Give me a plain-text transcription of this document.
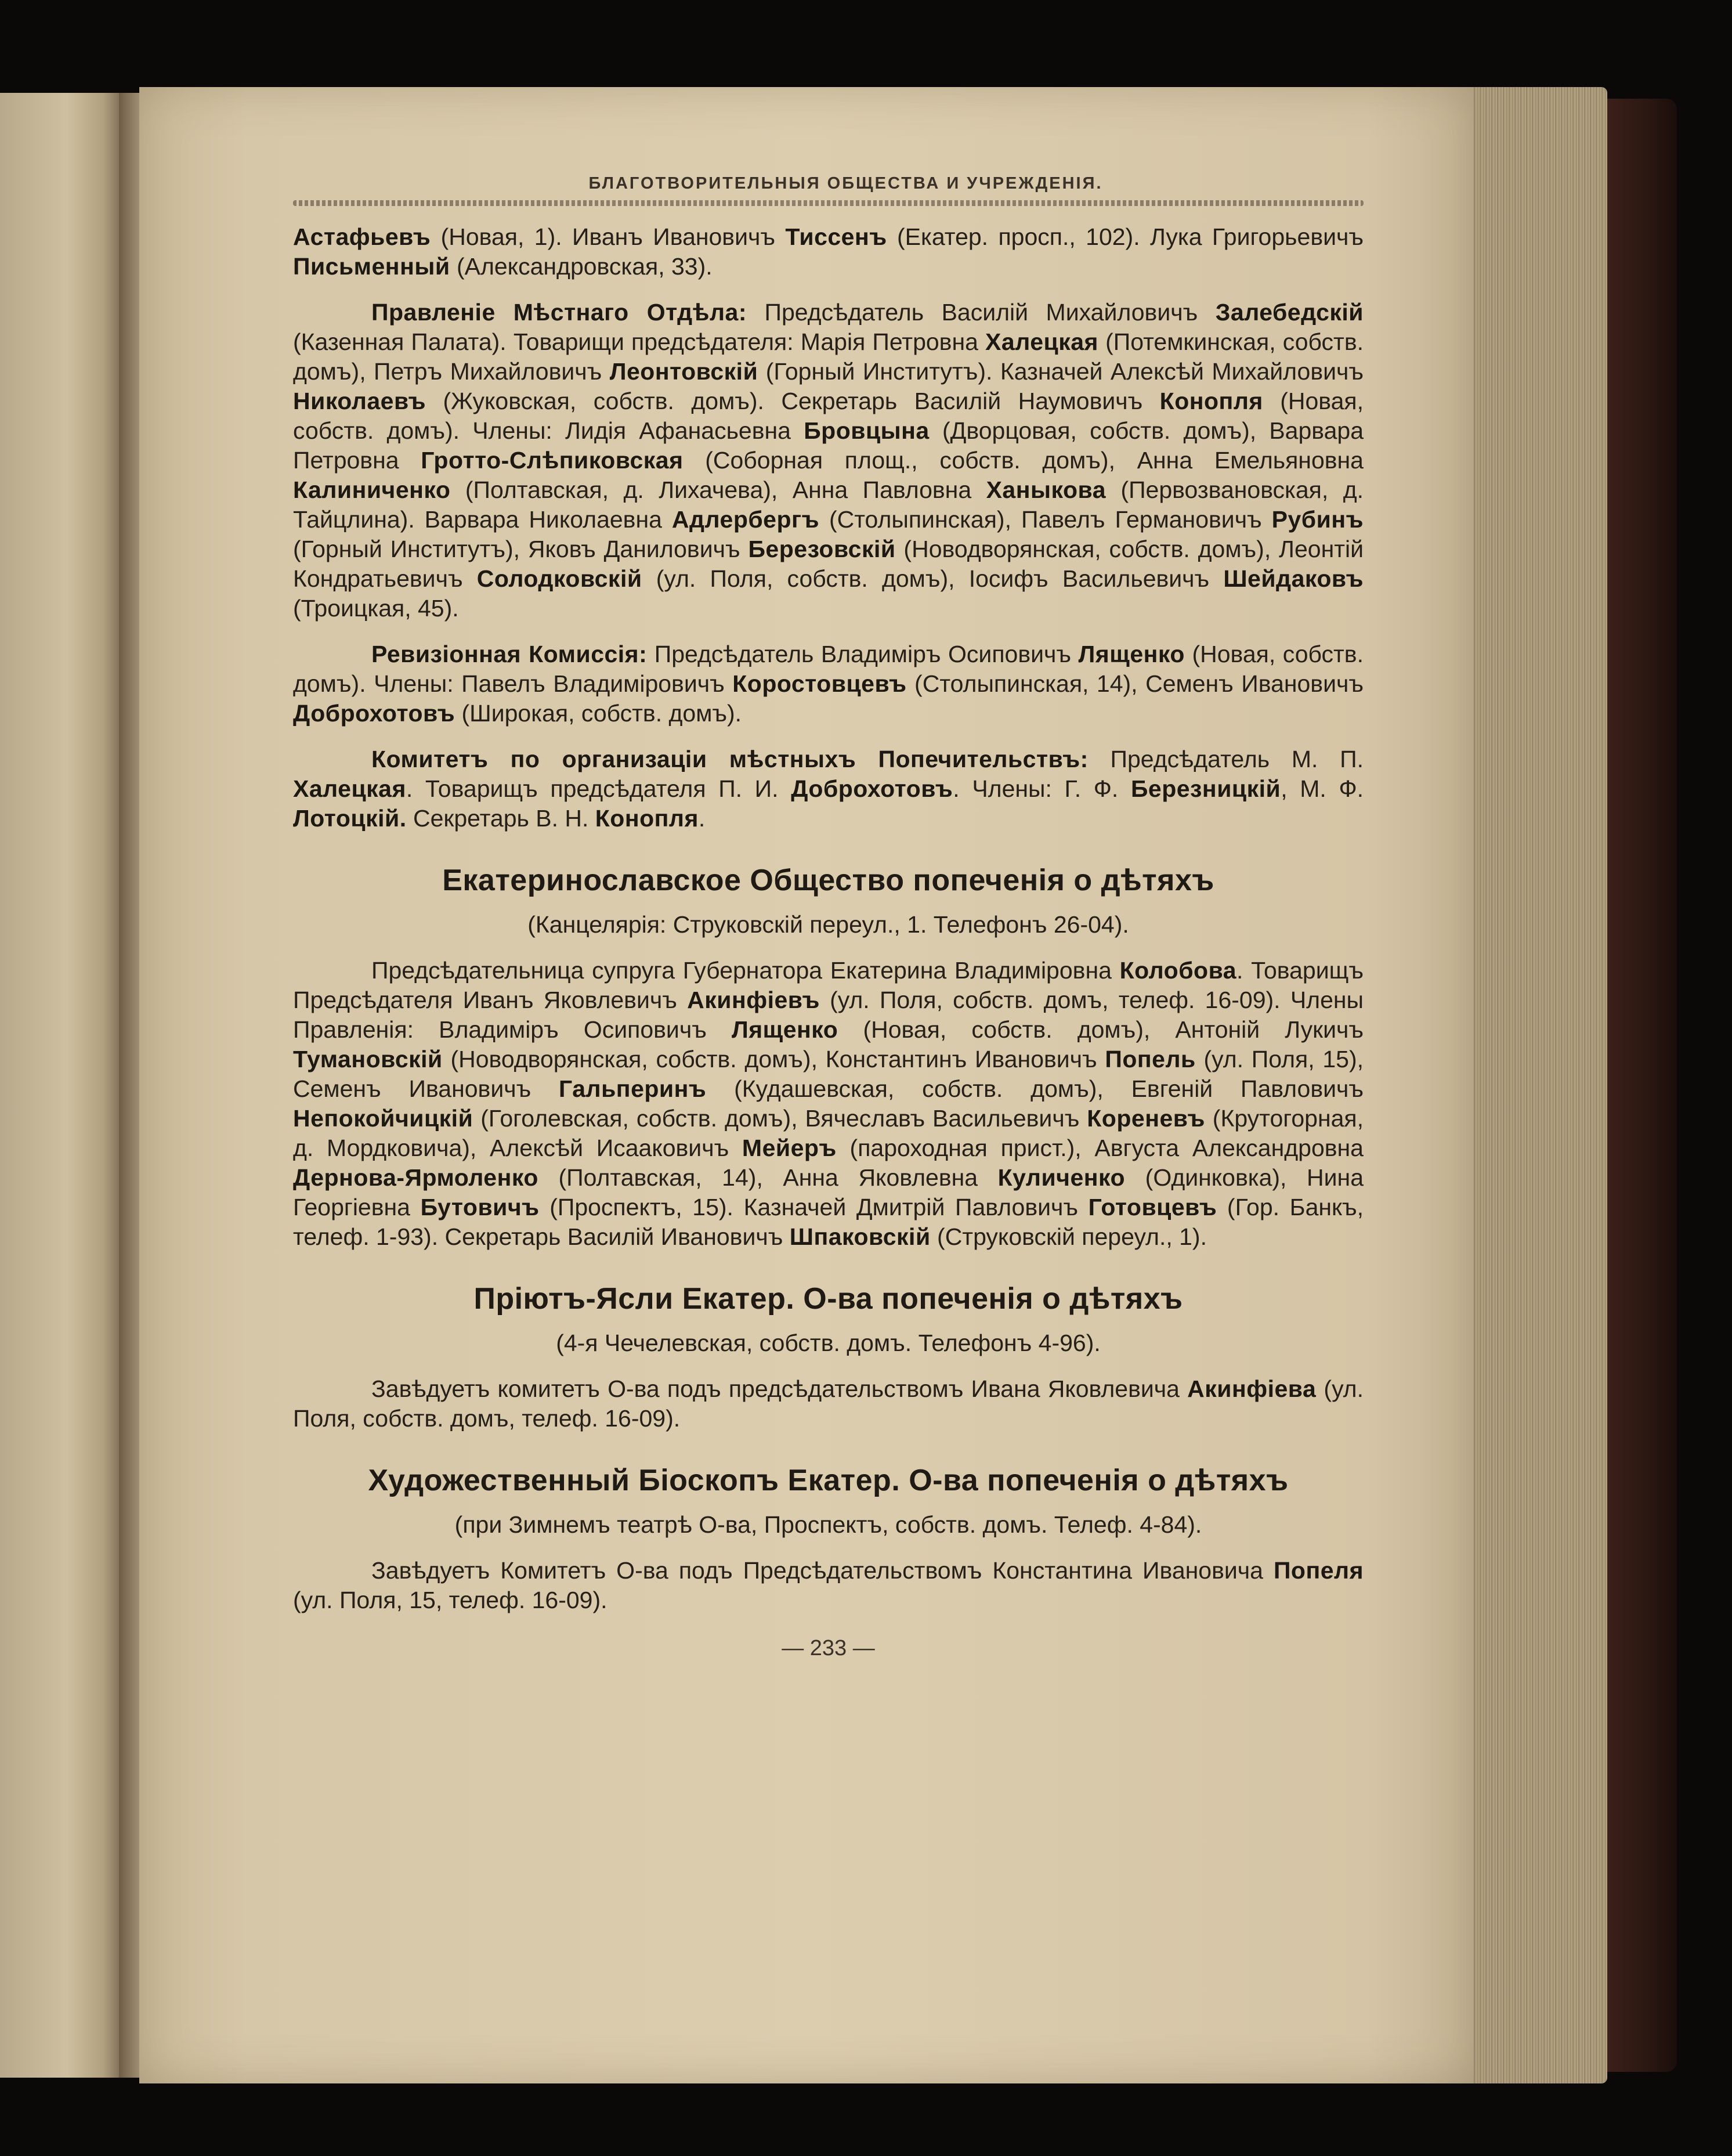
БЛАГОТВОРИТЕЛЬНЫЯ ОБЩЕСТВА И УЧРЕЖДЕНІЯ.

Астафьевъ (Новая, 1). Иванъ Ивановичъ Тиссенъ (Екатер. просп., 102). Лука Григорьевичъ Письменный (Александровская, 33).

Правленіе Мѣстнаго Отдѣла: Предсѣдатель Василій Михайловичъ Залебедскій (Казенная Палата). Товарищи предсѣдателя: Марія Петровна Халецкая (Потемкинская, собств. домъ), Петръ Михайловичъ Леонтовскій (Горный Институтъ). Казначей Алексѣй Михайловичъ Николаевъ (Жуковская, собств. домъ). Секретарь Василій Наумовичъ Конопля (Новая, собств. домъ). Члены: Лидія Афанасьевна Бровцына (Дворцовая, собств. домъ), Варвара Петровна Гротто-Слѣпиковская (Соборная площ., собств. домъ), Анна Емельяновна Калиниченко (Полтавская, д. Лихачева), Анна Павловна Ханыкова (Первозвановская, д. Тайцлина). Варвара Николаевна Адлербергъ (Столыпинская), Павелъ Германовичъ Рубинъ (Горный Институтъ), Яковъ Даниловичъ Березовскій (Новодворянская, собств. домъ), Леонтій Кондратьевичъ Солодковскій (ул. Поля, собств. домъ), Іосифъ Васильевичъ Шейдаковъ (Троицкая, 45).

Ревизіонная Комиссія: Предсѣдатель Владиміръ Осиповичъ Лященко (Новая, собств. домъ). Члены: Павелъ Владиміровичъ Коростовцевъ (Столыпинская, 14), Семенъ Ивановичъ Доброхотовъ (Широкая, собств. домъ).

Комитетъ по организаціи мѣстныхъ Попечительствъ: Предсѣдатель М. П. Халецкая. Товарищъ предсѣдателя П. И. Доброхотовъ. Члены: Г. Ф. Березницкій, М. Ф. Лотоцкій. Секретарь В. Н. Конопля.

Екатеринославское Общество попеченія о дѣтяхъ
(Канцелярія: Струковскій переул., 1. Телефонъ 26-04).

Предсѣдательница супруга Губернатора Екатерина Владиміровна Колобова. Товарищъ Предсѣдателя Иванъ Яковлевичъ Акинфіевъ (ул. Поля, собств. домъ, телеф. 16-09). Члены Правленія: Владиміръ Осиповичъ Лященко (Новая, собств. домъ), Антоній Лукичъ Тумановскій (Новодворянская, собств. домъ), Константинъ Ивановичъ Попель (ул. Поля, 15), Семенъ Ивановичъ Гальперинъ (Кудашевская, собств. домъ), Евгеній Павловичъ Непокойчицкій (Гоголевская, собств. домъ), Вячеславъ Васильевичъ Кореневъ (Крутогорная, д. Мордковича), Алексѣй Исааковичъ Мейеръ (пароходная прист.), Августа Александровна Дернова-Ярмоленко (Полтавская, 14), Анна Яковлевна Куличенко (Одинковка), Нина Георгіевна Бутовичъ (Проспектъ, 15). Казначей Дмитрій Павловичъ Готовцевъ (Гор. Банкъ, телеф. 1-93). Секретарь Василій Ивановичъ Шпаковскій (Струковскій переул., 1).

Пріютъ-Ясли Екатер. О-ва попеченія о дѣтяхъ
(4-я Чечелевская, собств. домъ. Телефонъ 4-96).

Завѣдуетъ комитетъ О-ва подъ предсѣдательствомъ Ивана Яковлевича Акинфіева (ул. Поля, собств. домъ, телеф. 16-09).

Художественный Біоскопъ Екатер. О-ва попеченія о дѣтяхъ
(при Зимнемъ театрѣ О-ва, Проспектъ, собств. домъ. Телеф. 4-84).

Завѣдуетъ Комитетъ О-ва подъ Предсѣдательствомъ Константина Ивановича Попеля (ул. Поля, 15, телеф. 16-09).

— 233 —
